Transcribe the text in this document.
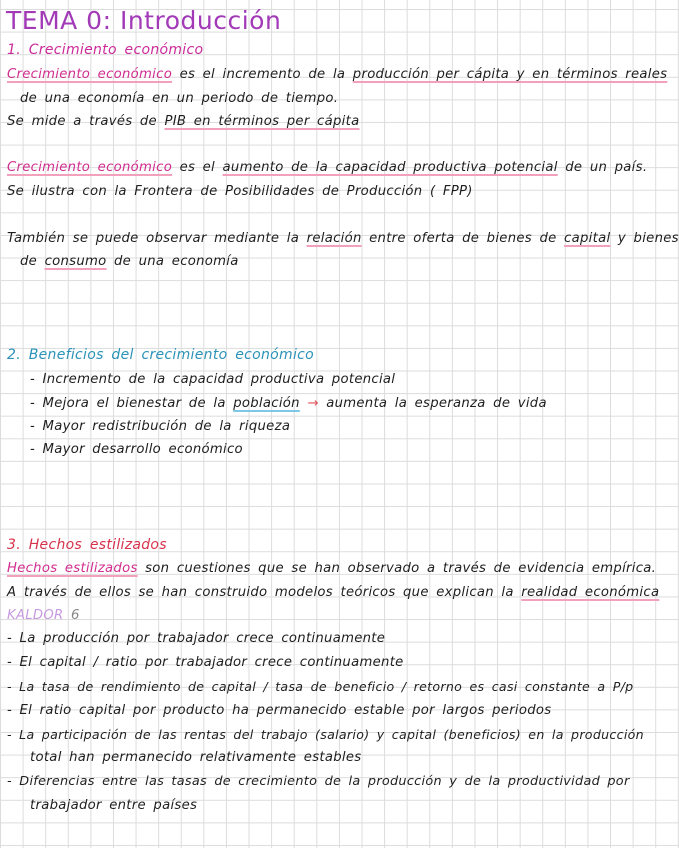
TEMA 0: Introducción
1. Crecimiento económico
Crecimiento económico es el incremento de la producción per cápita y en términos reales
de una economía en un periodo de tiempo.
Se mide a través de PIB en términos per cápita
Crecimiento económico es el aumento de la capacidad productiva potencial de un país.
Se ilustra con la Frontera de Posibilidades de Producción ( FPP)
También se puede observar mediante la relación entre oferta de bienes de capital y bienes
de consumo de una economía
2. Beneficios del crecimiento económico
- Incremento de la capacidad productiva potencial
- Mejora el bienestar de la población → aumenta la esperanza de vida
- Mayor redistribución de la riqueza
- Mayor desarrollo económico
3. Hechos estilizados
Hechos estilizados son cuestiones que se han observado a través de evidencia empírica.
A través de ellos se han construido modelos teóricos que explican la realidad económica
KALDOR 6
- La producción por trabajador crece continuamente
- El capital / ratio por trabajador crece continuamente
- La tasa de rendimiento de capital / tasa de beneficio / retorno es casi constante a P/p
- El ratio capital por producto ha permanecido estable por largos periodos
- La participación de las rentas del trabajo (salario) y capital (beneficios) en la producción
total han permanecido relativamente estables
- Diferencias entre las tasas de crecimiento de la producción y de la productividad por
trabajador entre países
